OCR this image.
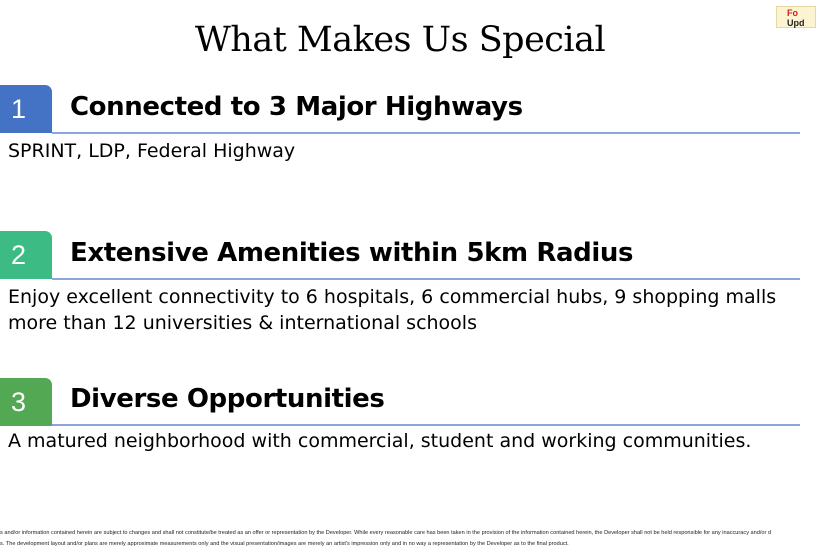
Fo
Upd
What Makes Us Special
1	Connected to 3 Major Highways
SPRINT, LDP, Federal Highway
2	Extensive Amenities within 5km Radius
Enjoy excellent connectivity to 6 hospitals, 6 commercial hubs, 9 shopping malls
more than 12 universities & international schools
3	Diverse Opportunities
A matured neighborhood with commercial, student and working communities.
s and/or information contained herein are subject to changes and shall not constitute/be treated as an offer or representation by the Developer. While every reasonable care has been taken in the provision of the information contained herein, the Developer shall not be held responsible for any inaccuracy and/or d
s. The development layout and/or plans are merely approximate measurements only and the visual presentation/images are merely an artist's impression only and in no way a representation by the Developer as to the final product.
